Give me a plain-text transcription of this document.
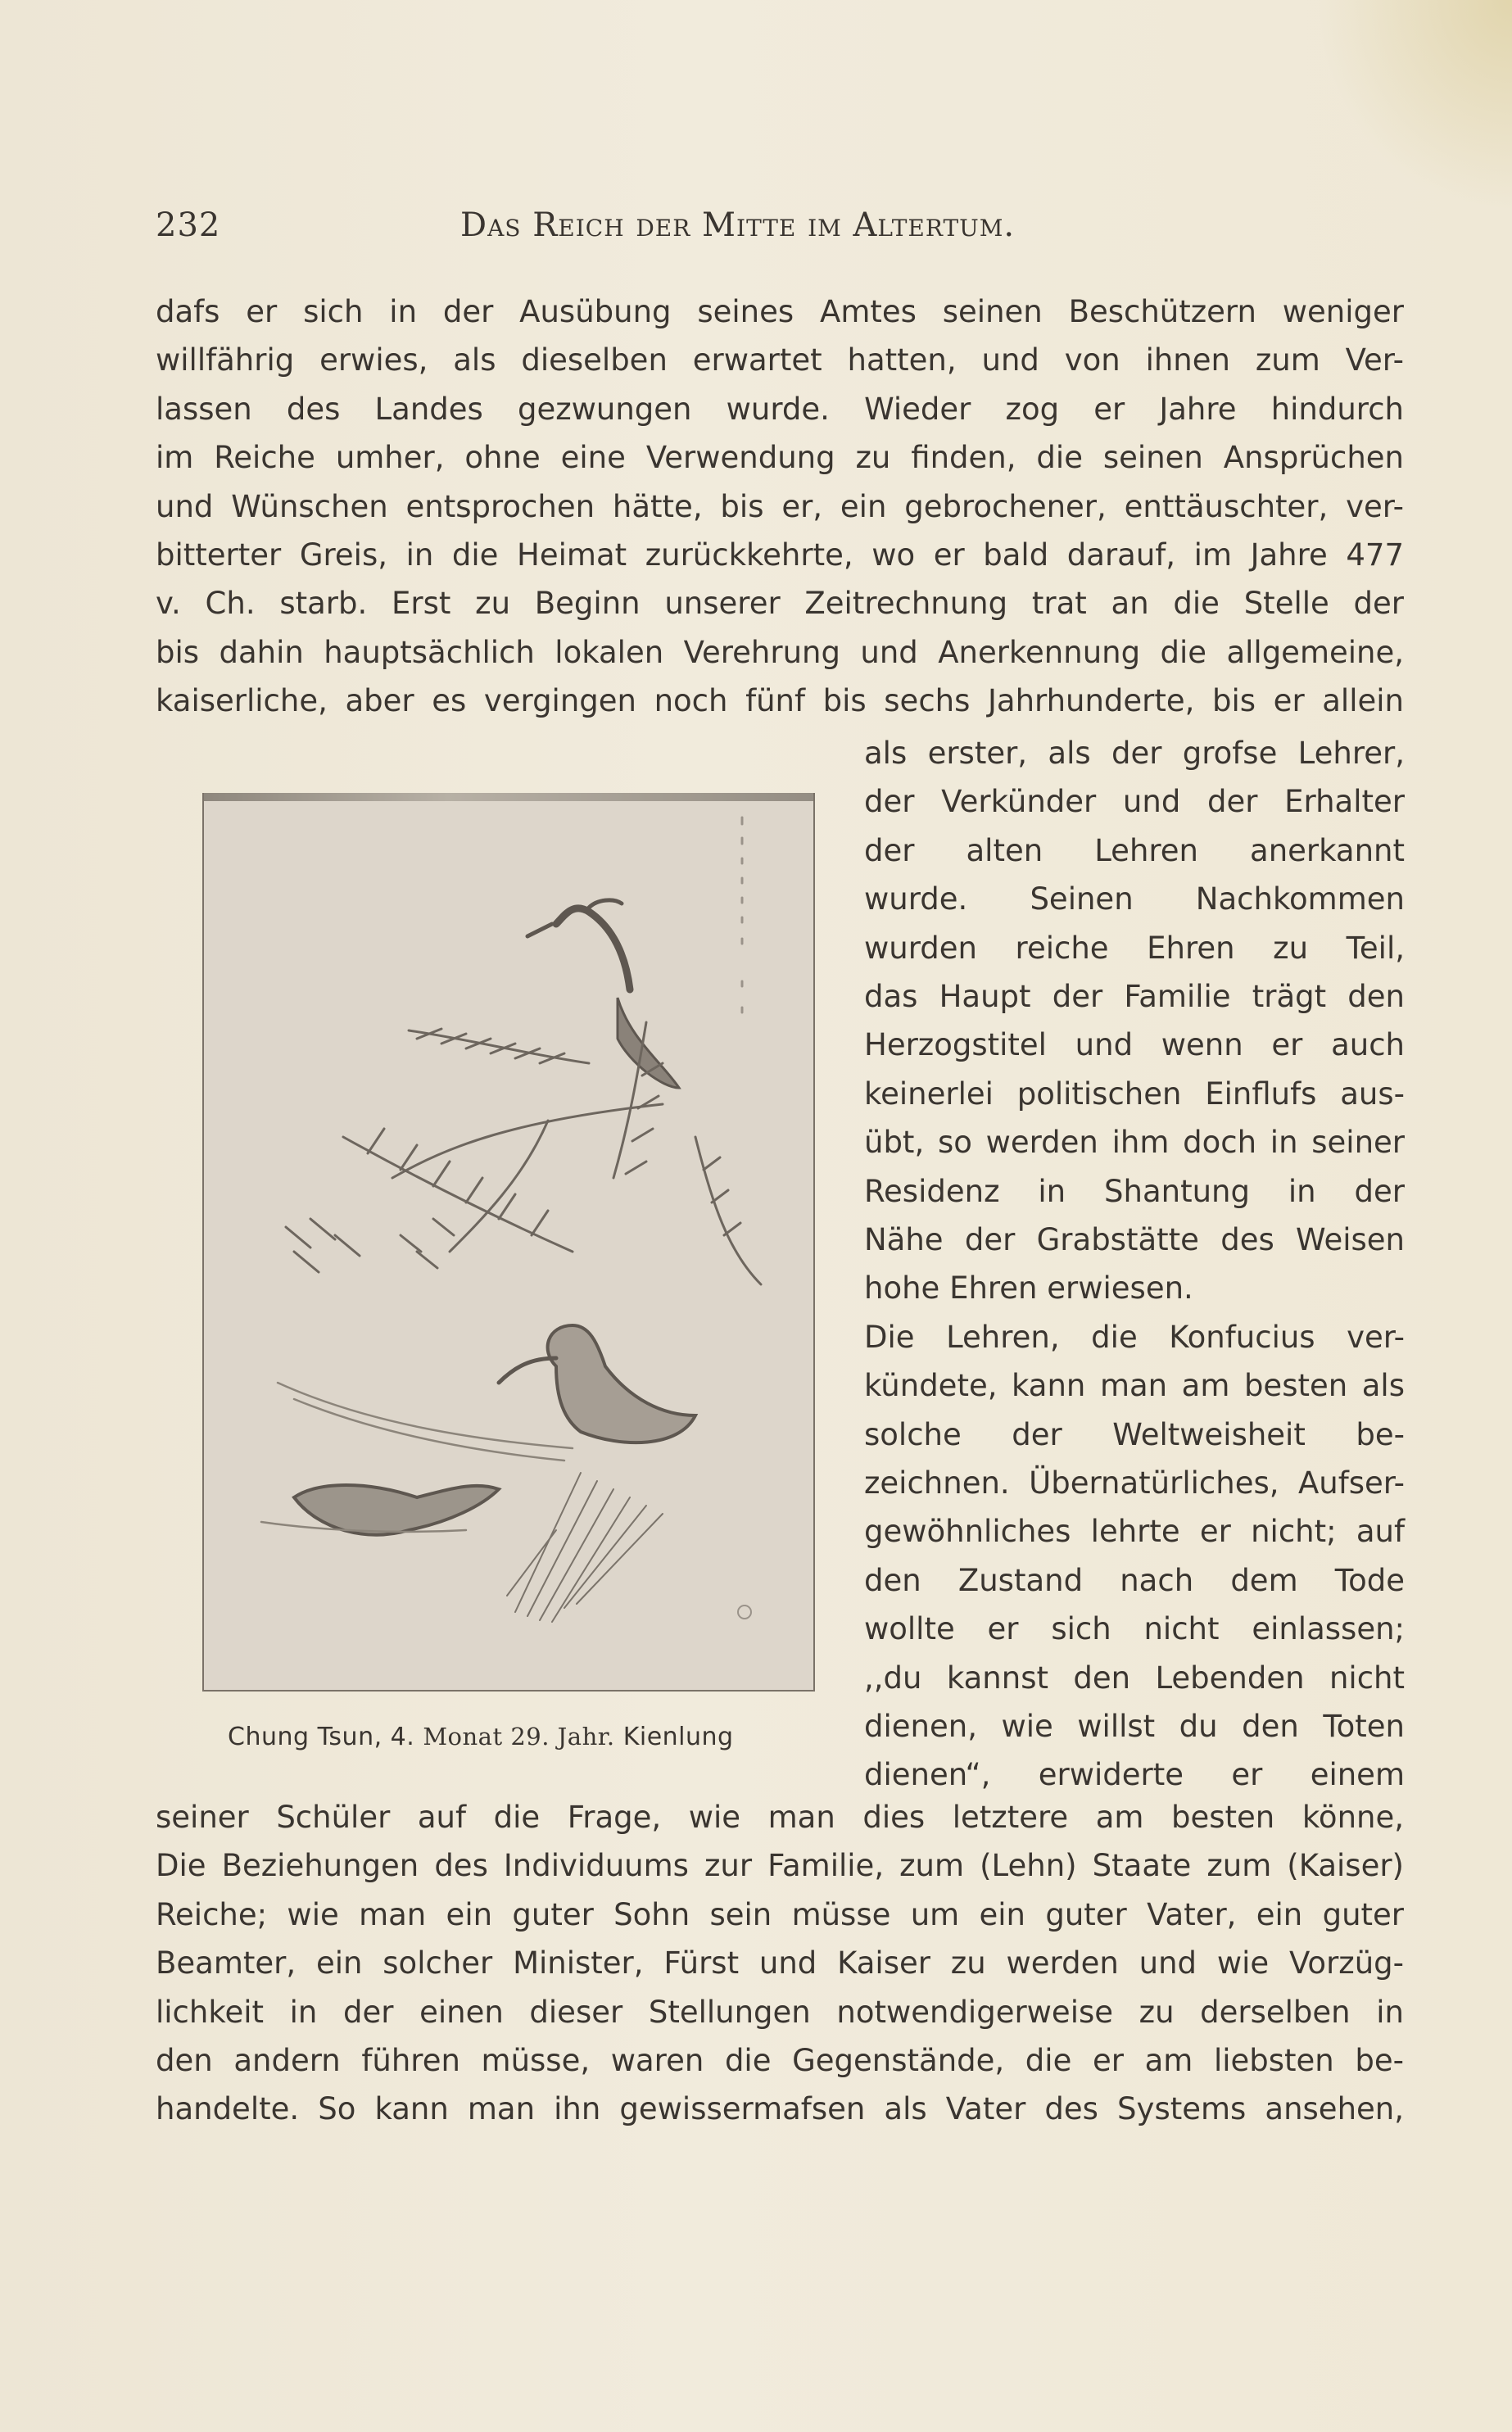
232	Das Reich der Mitte im Altertum.
dafs er sich in der Ausübung seines Amtes seinen Beschützern weniger
willfährig erwies, als dieselben erwartet hatten, und von ihnen zum Ver-
lassen des Landes gezwungen wurde. Wieder zog er Jahre hindurch
im Reiche umher, ohne eine Verwendung zu finden, die seinen Ansprüchen
und Wünschen entsprochen hätte, bis er, ein gebrochener, enttäuschter, ver-
bitterter Greis, in die Heimat zurückkehrte, wo er bald darauf, im Jahre 477
v. Ch. starb. Erst zu Beginn unserer Zeitrechnung trat an die Stelle der
bis dahin hauptsächlich lokalen Verehrung und Anerkennung die allgemeine,
kaiserliche, aber es vergingen noch fünf bis sechs Jahrhunderte, bis er allein
als erster, als der grofse Lehrer,
der Verkünder und der Erhalter
der alten Lehren anerkannt
wurde. Seinen Nachkommen
wurden reiche Ehren zu Teil,
das Haupt der Familie trägt den
Herzogstitel und wenn er auch
keinerlei politischen Einflufs aus-
übt, so werden ihm doch in seiner
Residenz in Shantung in der
Nähe der Grabstätte des Weisen
hohe Ehren erwiesen.
Die Lehren, die Konfucius ver-
kündete, kann man am besten als
solche der Weltweisheit be-
zeichnen. Übernatürliches, Aufser-
gewöhnliches lehrte er nicht; auf
den Zustand nach dem Tode
wollte er sich nicht einlassen;
,,du kannst den Lebenden nicht
dienen, wie willst du den Toten
dienen“, erwiderte er einem
seiner Schüler auf die Frage, wie man dies letztere am besten könne,
Die Beziehungen des Individuums zur Familie, zum (Lehn) Staate zum (Kaiser)
Reiche; wie man ein guter Sohn sein müsse um ein guter Vater, ein guter
Beamter, ein solcher Minister, Fürst und Kaiser zu werden und wie Vorzüg-
lichkeit in der einen dieser Stellungen notwendigerweise zu derselben in
den andern führen müsse, waren die Gegenstände, die er am liebsten be-
handelte. So kann man ihn gewissermafsen als Vater des Systems ansehen,
Chung Tsun, 4. Monat 29. Jahr. Kienlung
